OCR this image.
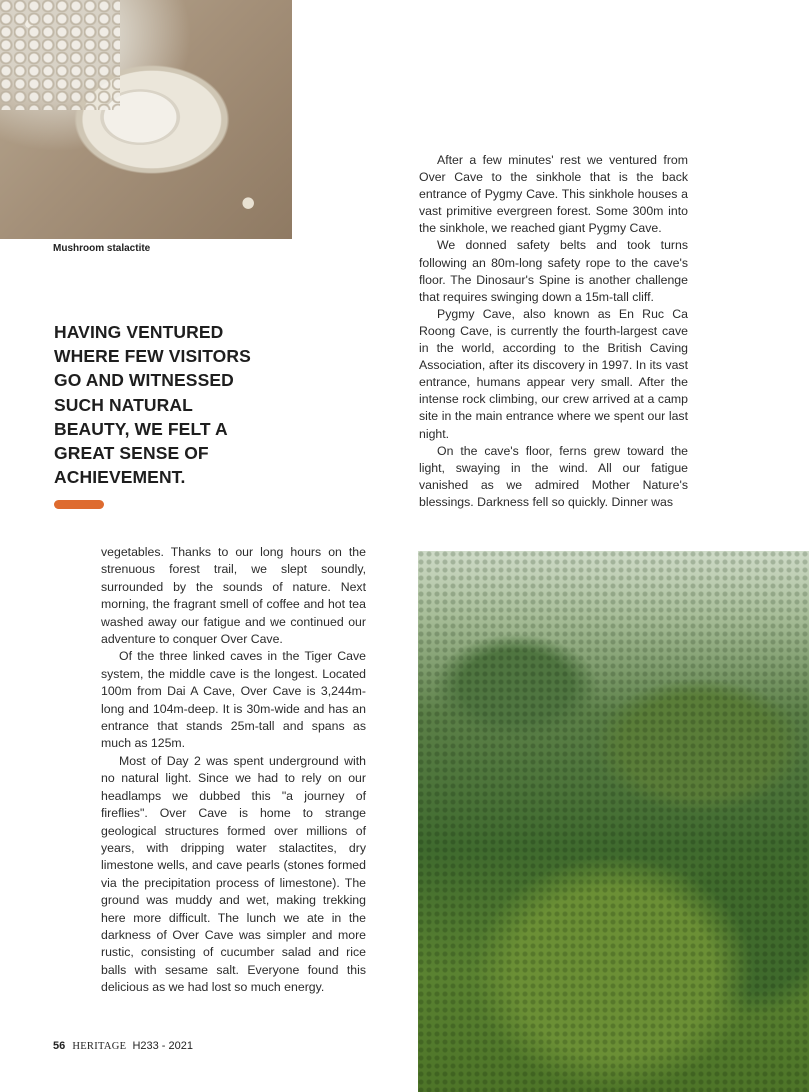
Mushroom stalactite
HAVING VENTURED WHERE FEW VISITORS GO AND WITNESSED SUCH NATURAL BEAUTY, WE FELT A GREAT SENSE OF ACHIEVEMENT.

After a few minutes' rest we ventured from Over Cave to the sinkhole that is the back entrance of Pygmy Cave. This sinkhole houses a vast primitive evergreen forest. Some 300m into the sinkhole, we reached giant Pygmy Cave.

We donned safety belts and took turns following an 80m-long safety rope to the cave's floor. The Dinosaur's Spine is another challenge that requires swinging down a 15m-tall cliff.

Pygmy Cave, also known as En Ruc Ca Roong Cave, is currently the fourth-largest cave in the world, according to the British Caving Association, after its discovery in 1997. In its vast entrance, humans appear very small. After the intense rock climbing, our crew arrived at a camp site in the main entrance where we spent our last night.

On the cave's floor, ferns grew toward the light, swaying in the wind. All our fatigue vanished as we admired Mother Nature's blessings. Darkness fell so quickly. Dinner was

vegetables. Thanks to our long hours on the strenuous forest trail, we slept soundly, surrounded by the sounds of nature. Next morning, the fragrant smell of coffee and hot tea washed away our fatigue and we continued our adventure to conquer Over Cave.

Of the three linked caves in the Tiger Cave system, the middle cave is the longest. Located 100m from Dai A Cave, Over Cave is 3,244m-long and 104m-deep. It is 30m-wide and has an entrance that stands 25m-tall and spans as much as 125m.

Most of Day 2 was spent underground with no natural light. Since we had to rely on our headlamps we dubbed this "a journey of fireflies". Over Cave is home to strange geological structures formed over millions of years, with dripping water stalactites, dry limestone wells, and cave pearls (stones formed via the precipitation process of limestone). The ground was muddy and wet, making trekking here more difficult. The lunch we ate in the darkness of Over Cave was simpler and more rustic, consisting of cucumber salad and rice balls with sesame salt. Everyone found this delicious as we had lost so much energy.

56 HERITAGE H233 - 2021
